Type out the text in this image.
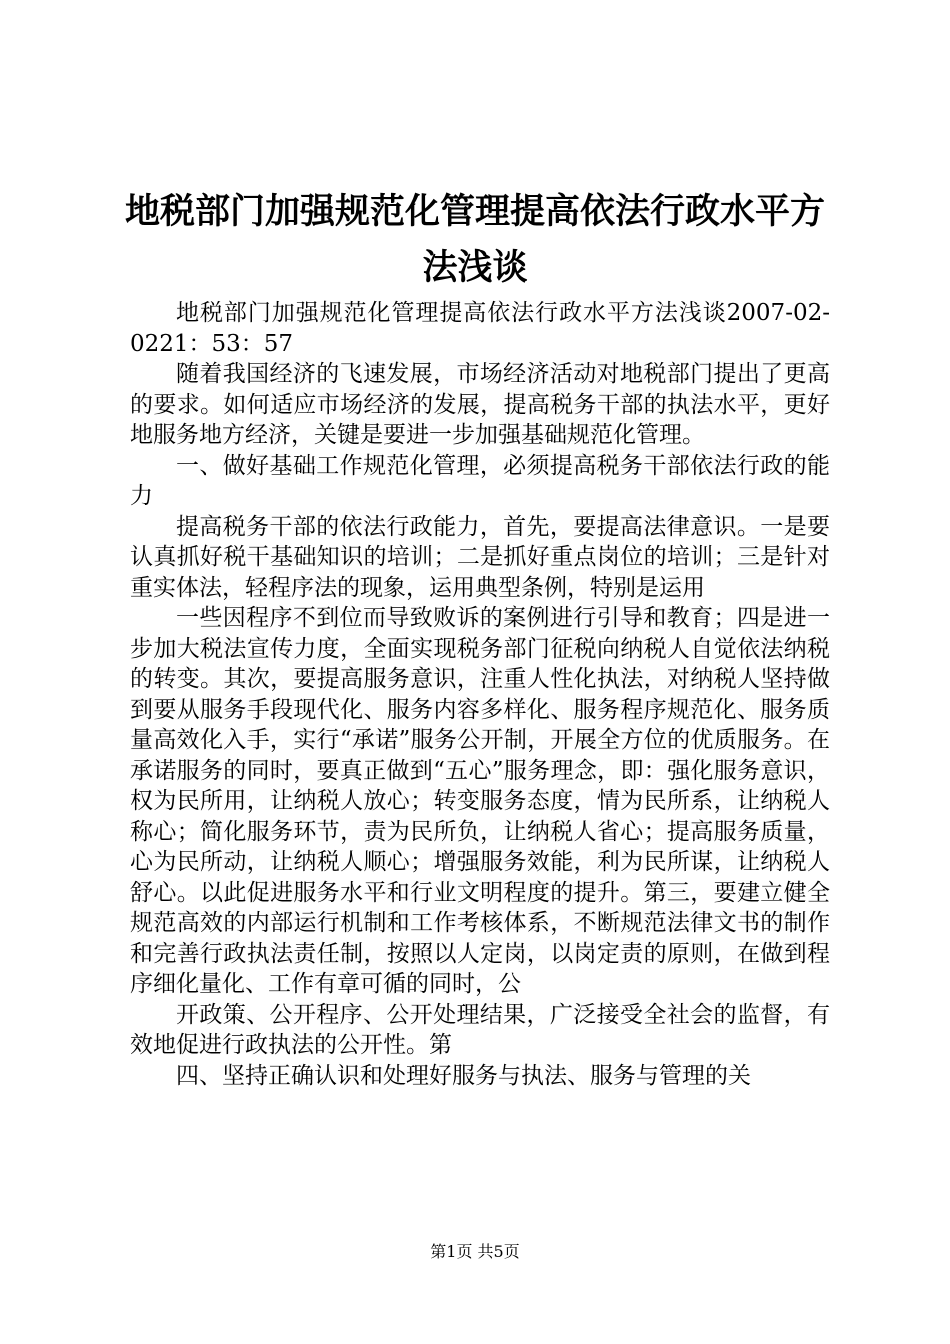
地税部门加强规范化管理提高依法行政水平方法浅谈

地税部门加强规范化管理提高依法行政水平方法浅谈2007-02-0221：53：57

随着我国经济的飞速发展，市场经济活动对地税部门提出了更高的要求。如何适应市场经济的发展，提高税务干部的执法水平，更好地服务地方经济，关键是要进一步加强基础规范化管理。

一、做好基础工作规范化管理，必须提高税务干部依法行政的能力

提高税务干部的依法行政能力，首先，要提高法律意识。一是要认真抓好税干基础知识的培训；二是抓好重点岗位的培训；三是针对重实体法，轻程序法的现象，运用典型条例，特别是运用

一些因程序不到位而导致败诉的案例进行引导和教育；四是进一步加大税法宣传力度，全面实现税务部门征税向纳税人自觉依法纳税的转变。其次，要提高服务意识，注重人性化执法，对纳税人坚持做到要从服务手段现代化、服务内容多样化、服务程序规范化、服务质量高效化入手，实行“承诺”服务公开制，开展全方位的优质服务。在承诺服务的同时，要真正做到“五心”服务理念，即：强化服务意识，权为民所用，让纳税人放心；转变服务态度，情为民所系，让纳税人称心；简化服务环节，责为民所负，让纳税人省心；提高服务质量，心为民所动，让纳税人顺心；增强服务效能，利为民所谋，让纳税人舒心。以此促进服务水平和行业文明程度的提升。第三，要建立健全规范高效的内部运行机制和工作考核体系，不断规范法律文书的制作和完善行政执法责任制，按照以人定岗，以岗定责的原则，在做到程序细化量化、工作有章可循的同时，公

开政策、公开程序、公开处理结果，广泛接受全社会的监督，有效地促进行政执法的公开性。第

四、坚持正确认识和处理好服务与执法、服务与管理的关

第1页 共5页
